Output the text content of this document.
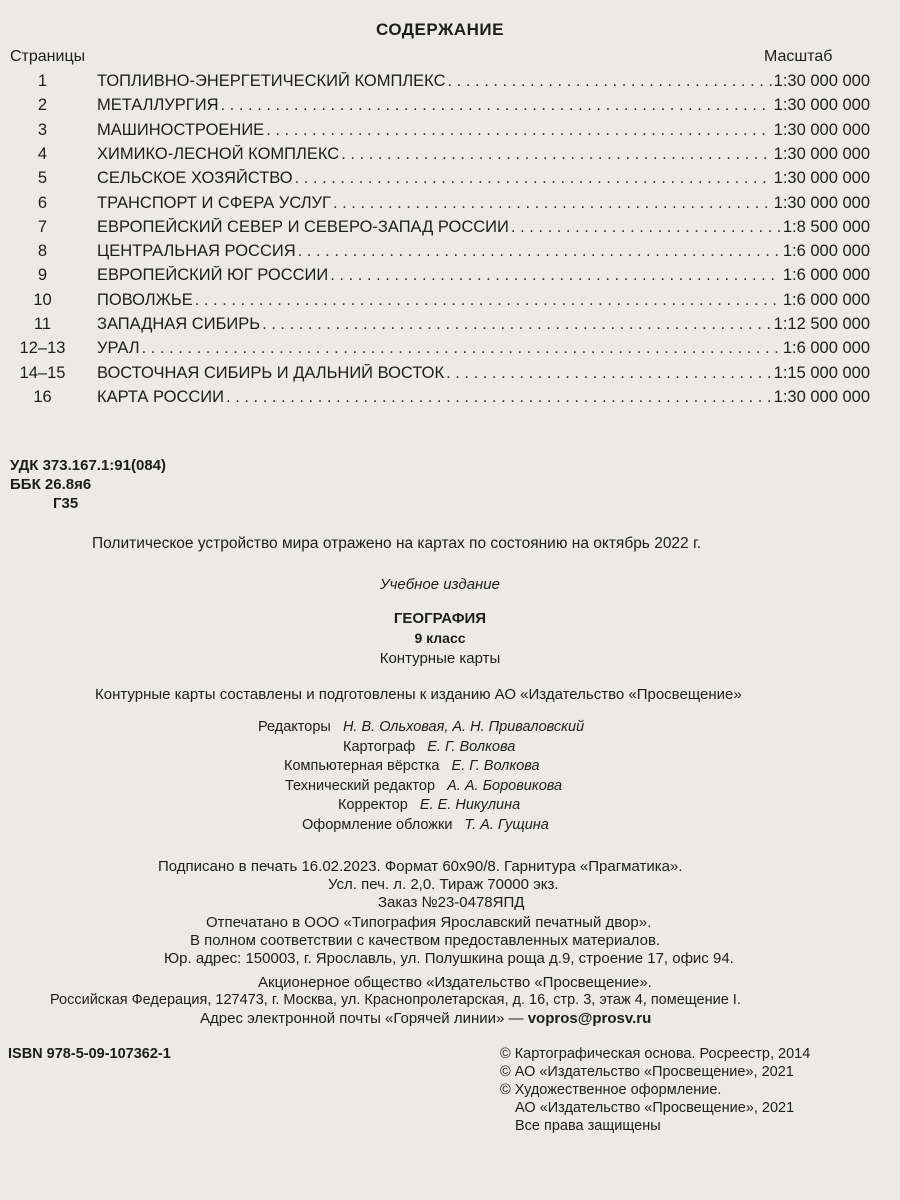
СОДЕРЖАНИЕ
Страницы	Масштаб
1	ТОПЛИВНО-ЭНЕРГЕТИЧЕСКИЙ КОМПЛЕКС . . .	1:30 000 000
2	МЕТАЛЛУРГИЯ . . .	1:30 000 000
3	МАШИНОСТРОЕНИЕ . . .	1:30 000 000
4	ХИМИКО-ЛЕСНОЙ КОМПЛЕКС . . .	1:30 000 000
5	СЕЛЬСКОЕ ХОЗЯЙСТВО . . .	1:30 000 000
6	ТРАНСПОРТ И СФЕРА УСЛУГ . . .	1:30 000 000
7	ЕВРОПЕЙСКИЙ СЕВЕР И СЕВЕРО-ЗАПАД РОССИИ . . .	1:8 500 000
8	ЦЕНТРАЛЬНАЯ РОССИЯ . . .	1:6 000 000
9	ЕВРОПЕЙСКИЙ ЮГ РОССИИ . . .	1:6 000 000
10	ПОВОЛЖЬЕ . . .	1:6 000 000
11	ЗАПАДНАЯ СИБИРЬ . . .	1:12 500 000
12–13	УРАЛ . . .	1:6 000 000
14–15	ВОСТОЧНАЯ СИБИРЬ И ДАЛЬНИЙ ВОСТОК . . .	1:15 000 000
16	КАРТА РОССИИ . . .	1:30 000 000
УДК 373.167.1:91(084)
ББК 26.8я6
Г35
Политическое устройство мира отражено на картах по состоянию на октябрь 2022 г.
Учебное издание
ГЕОГРАФИЯ
9 класс
Контурные карты
Контурные карты составлены и подготовлены к изданию АО «Издательство «Просвещение»
Редакторы Н. В. Ольховая, А. Н. Приваловский
Картограф Е. Г. Волкова
Компьютерная вёрстка Е. Г. Волкова
Технический редактор А. А. Боровикова
Корректор Е. Е. Никулина
Оформление обложки Т. А. Гущина
Подписано в печать 16.02.2023. Формат 60x90/8. Гарнитура «Прагматика».
Усл. печ. л. 2,0. Тираж 70000 экз.
Заказ №23-0478ЯПД
Отпечатано в ООО «Типография Ярославский печатный двор».
В полном соответствии с качеством предоставленных материалов.
Юр. адрес: 150003, г. Ярославль, ул. Полушкина роща д.9, строение 17, офис 94.
Акционерное общество «Издательство «Просвещение».
Российская Федерация, 127473, г. Москва, ул. Краснопролетарская, д. 16, стр. 3, этаж 4, помещение I.
Адрес электронной почты «Горячей линии» — vopros@prosv.ru
ISBN 978-5-09-107362-1	© Картографическая основа. Росреестр, 2014
© АО «Издательство «Просвещение», 2021
© Художественное оформление.
АО «Издательство «Просвещение», 2021
Все права защищены
